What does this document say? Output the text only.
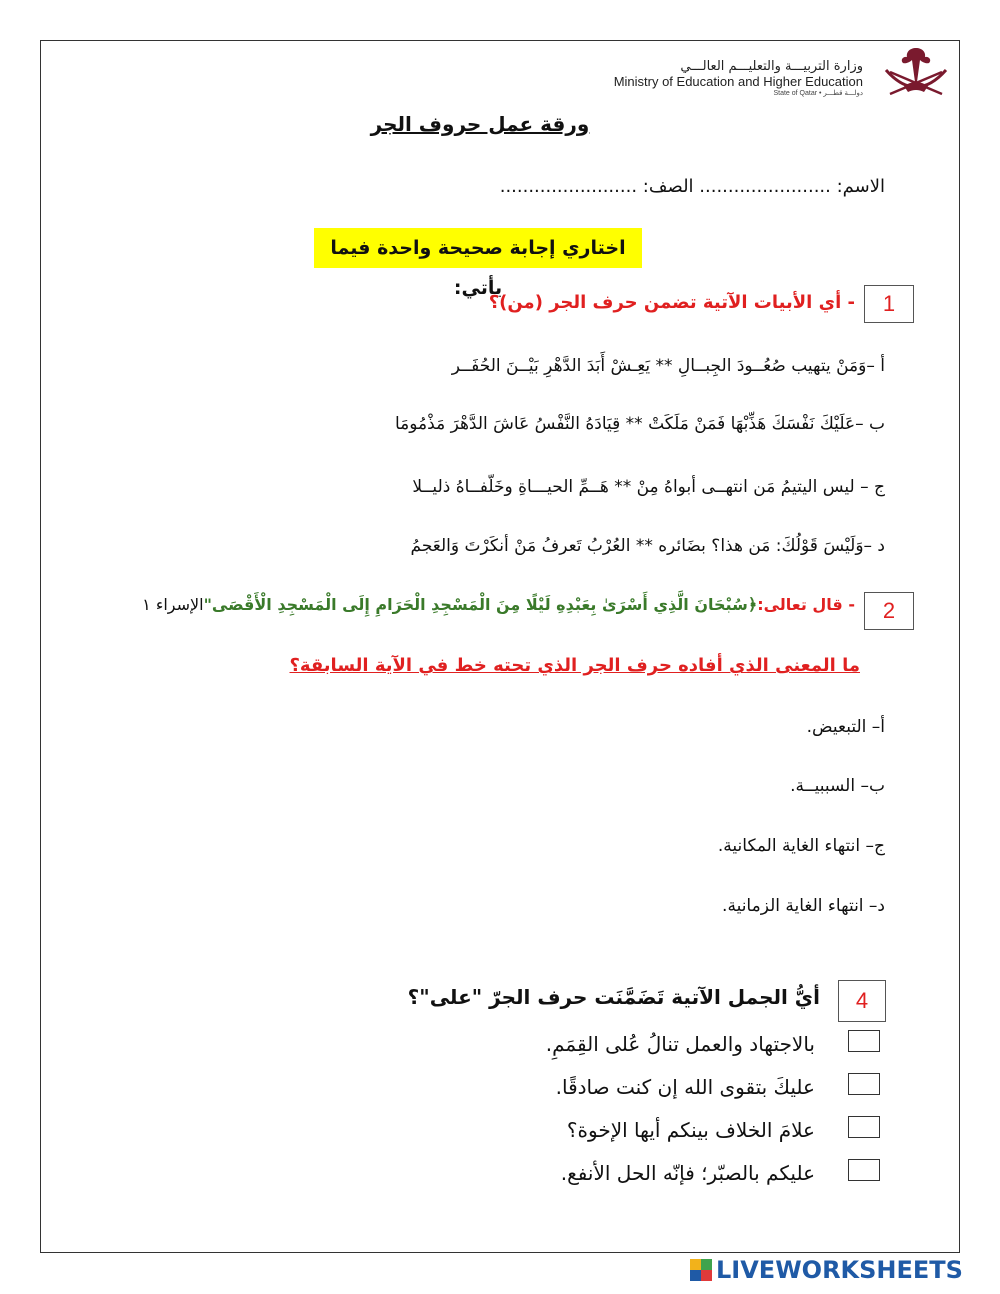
وزارة التربيـــة والتعليـــم العالـــي
Ministry of Education and Higher Education
State of Qatar • دولـــة قطـــر
ورقة عمل حروف الجر
الاسم: ....................... الصف: ........................
اختاري إجابة صحيحة واحدة فيما يأتي:
1
- أي الأبيات الآتية تضمن حرف الجر (من)؟
أ –وَمَنْ يتهيب صُعُــودَ الجِبــالِ ** يَعِـشْ أَبَدَ الدَّهْرِ بَيْــنَ الحُفَــر
ب –عَلَيْكَ نَفْسَكَ هَذِّبْهَا فَمَنْ مَلَكَتْ ** قِيَادَهُ النَّفْسُ عَاشَ الدَّهْرَ مَذْمُومَا
ج – ليس اليتيمُ مَن انتهــى أبواهُ مِنْ ** هَــمِّ الحيـــاةِ وخَلّفــاهُ ذليــلا
د –وَلَيْسَ قَوْلُكَ: مَن هذا؟ بضَائره ** العُرْبُ تَعرفُ مَنْ أنكَرْتَ وَالعَجمُ
2
- قال تعالى:﴿سُبْحَانَ الَّذِي أَسْرَىٰ بِعَبْدِهِ لَيْلًا مِنَ الْمَسْجِدِ الْحَرَامِ إِلَى الْمَسْجِدِ الْأَقْصَى"الإسراء ١
ما المعنى الذي أفاده حرف الجر الذي تحته خط في الآية السابقة؟
أ– التبعيض.
ب– السببيــة.
ج– انتهاء الغاية المكانية.
د– انتهاء الغاية الزمانية.
4
أيُّ الجمل الآتية تَضَمَّنَت حرف الجرّ "على"؟
بالاجتهاد والعمل تنالُ عُلى القِمَمِ.
عليكَ بتقوى الله إن كنت صادقًا.
علامَ الخلاف بينكم أيها الإخوة؟
عليكم بالصبّر؛ فإنّه الحل الأنفع.
LIVEWORKSHEETS
